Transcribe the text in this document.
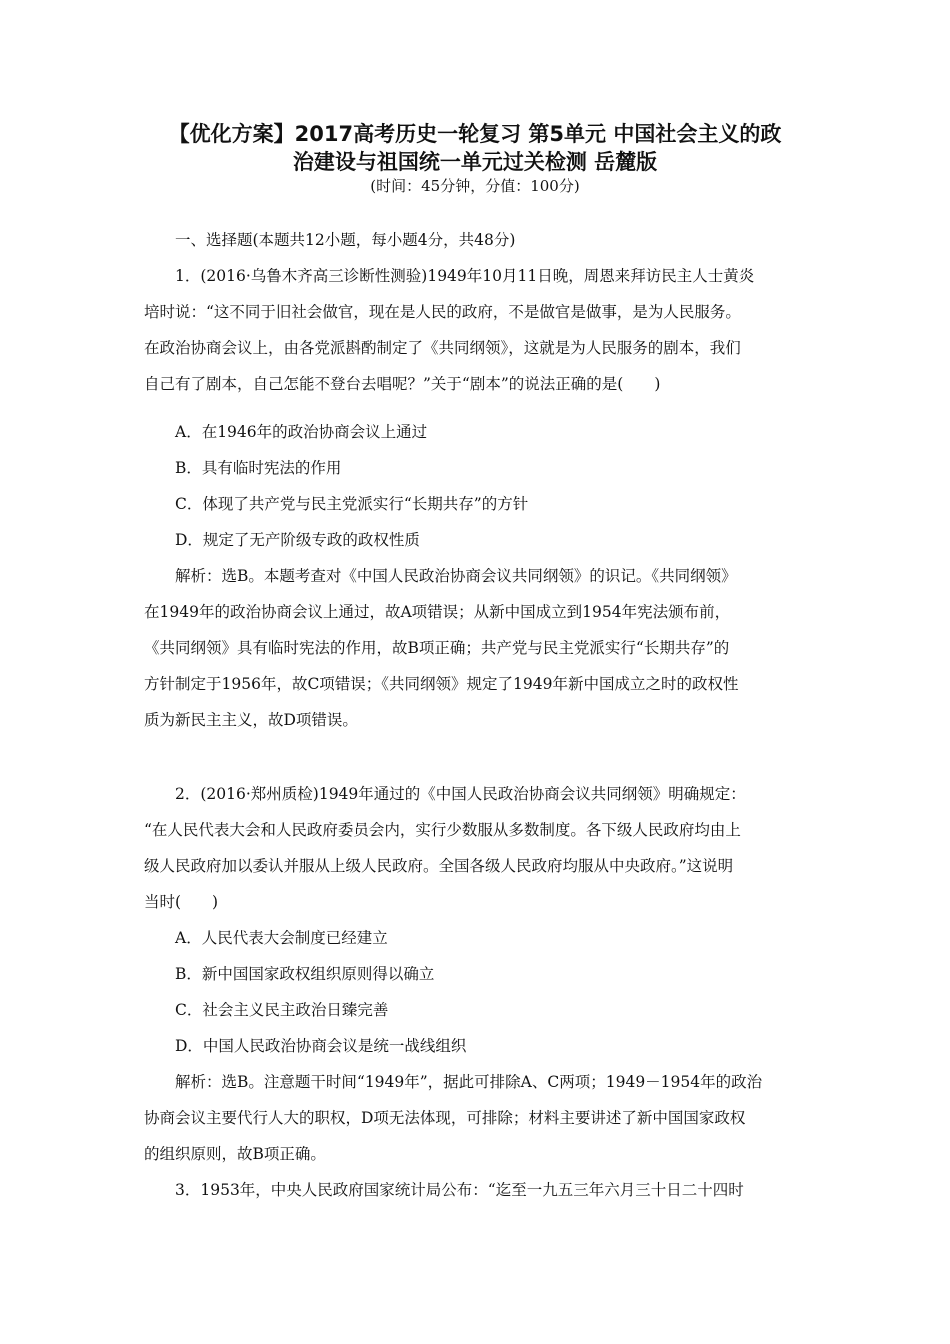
【优化方案】2017高考历史一轮复习 第5单元 中国社会主义的政
治建设与祖国统一单元过关检测 岳麓版
(时间：45分钟，分值：100分)
一、选择题(本题共12小题，每小题4分，共48分)
1．(2016·乌鲁木齐高三诊断性测验)1949年10月11日晚，周恩来拜访民主人士黄炎
培时说：“这不同于旧社会做官，现在是人民的政府，不是做官是做事，是为人民服务。
在政治协商会议上，由各党派斟酌制定了《共同纲领》，这就是为人民服务的剧本，我们
自己有了剧本，自己怎能不登台去唱呢？”关于“剧本”的说法正确的是(　　)
A．在1946年的政治协商会议上通过
B．具有临时宪法的作用
C．体现了共产党与民主党派实行“长期共存”的方针
D．规定了无产阶级专政的政权性质
解析：选B。本题考查对《中国人民政治协商会议共同纲领》的识记。《共同纲领》
在1949年的政治协商会议上通过，故A项错误；从新中国成立到1954年宪法颁布前，
《共同纲领》具有临时宪法的作用，故B项正确；共产党与民主党派实行“长期共存”的
方针制定于1956年，故C项错误；《共同纲领》规定了1949年新中国成立之时的政权性
质为新民主主义，故D项错误。
2．(2016·郑州质检)1949年通过的《中国人民政治协商会议共同纲领》明确规定：
“在人民代表大会和人民政府委员会内，实行少数服从多数制度。各下级人民政府均由上
级人民政府加以委认并服从上级人民政府。全国各级人民政府均服从中央政府。”这说明
当时(　　)
A．人民代表大会制度已经建立
B．新中国国家政权组织原则得以确立
C．社会主义民主政治日臻完善
D．中国人民政治协商会议是统一战线组织
解析：选B。注意题干时间“1949年”，据此可排除A、C两项；1949－1954年的政治
协商会议主要代行人大的职权，D项无法体现，可排除；材料主要讲述了新中国国家政权
的组织原则，故B项正确。
3．1953年，中央人民政府国家统计局公布：“迄至一九五三年六月三十日二十四时
